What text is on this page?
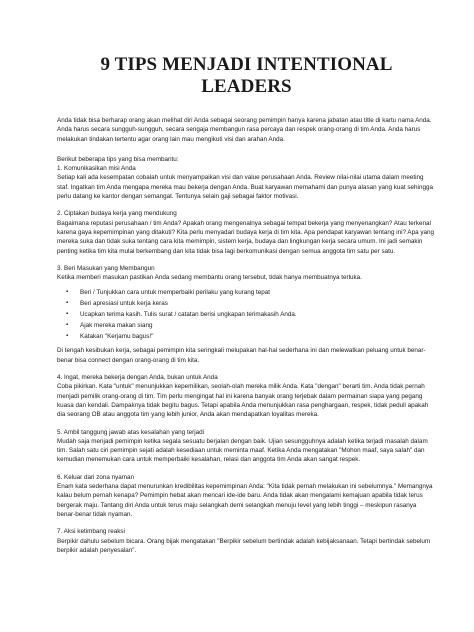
9 TIPS MENJADI INTENTIONAL LEADERS

Anda tidak bisa berharap orang akan melihat diri Anda sebagai seorang pemimpin hanya karena jabatan atau title di kartu nama Anda. Anda harus secara sungguh-sungguh, secara sengaja membangun rasa percaya dan respek orang-orang di tim Anda. Anda harus melakukan tindakan tertentu agar orang lain mau mengikuti visi dan arahan Anda.

Berikut beberapa tips yang bisa membantu:

1. Komunikasikan misi Anda

Setiap kali ada kesempatan cobalah untuk menyampaikan visi dan value perusahaan Anda. Review nilai-nilai utama dalam meeting staf. Ingatkan tim Anda mengapa mereka mau bekerja dengan Anda. Buat karyawan memahami dan punya alasan yang kuat sehingga perlu datang ke kantor dengan semangat. Tentunya selain gaji sebagai faktor motivasi.

2. Ciptakan budaya kerja yang mendukung

Bagaimana reputasi perusahaan / tim Anda? Apakah orang mengenalnya sebagai tempat bekerja yang menyenangkan? Atau terkenal karena gaya kepemimpinan yang ditakuti? Kita perlu menyadari budaya kerja di tim kita. Apa pendapat karyawan tentang ini? Apa yang mereka suka dan tidak suka tentang cara kita memimpin, sistem kerja, budaya dan lingkungan kerja secara umum. Ini jadi semakin penting ketika tim kita mulai berkembang dan kita tidak bisa lagi berkomunikasi dengan semua anggota tim satu per satu.

3. Beri Masukan yang Membangun

Ketika memberi masukan pastikan Anda sedang membantu orang tersebut, tidak hanya membuatnya terluka.

▪ Beri / Tunjukkan cara untuk memperbaiki perilaku yang kurang tepat
▪ Beri apresiasi untuk kerja keras
▪ Ucapkan terima kasih. Tulis surat / catatan berisi ungkapan terimakasih Anda.
▪ Ajak mereka makan siang
▪ Katakan "Kerjamu bagus!"

Di tengah kesibukan kerja, sebagai pemimpin kita seringkali melupakan hal-hal sederhana ini dan melewatkan peluang untuk benar-benar bisa connect dengan orang-orang di tim kita.

4. Ingat, mereka bekerja dengan Anda, bukan untuk Anda

Coba pikirkan. Kata "untuk" menunjukkan kepemilikan, seolah-olah mereka milik Anda. Kata "dengan" berarti tim. Anda tidak pernah menjadi pemilik orang-orang di tim. Tim perlu mengingat hal ini karena banyak orang terjebak dalam permainan siapa yang pegang kuasa dan kendali. Dampaknya tidak begitu bagus. Tetapi apabila Anda menunjukkan rasa penghargaan, respek, tidak peduli apakah dia seorang OB atau anggota tim yang lebih junior, Anda akan mendapatkan loyalitas mereka.

5. Ambil tanggung jawab atas kesalahan yang terjadi

Mudah saja menjadi pemimpin ketika segala sesuatu berjalan dengan baik. Ujian sesungguhnya adalah ketika terjadi masalah dalam tim. Salah satu ciri pemimpin sejati adalah kesediaan untuk meminta maaf. Ketika Anda mengatakan "Mohon maaf, saya salah" dan kemudian menemukan cara untuk memperbaiki kesalahan, relasi dan anggota tim Anda akan sangat respek.

6. Keluar dari zona nyaman

Enam kata sederhana dapat menurunkan kredibilitas kepemimpinan Anda: "Kita tidak pernah melakukan ini sebelumnya." Memangnya kalau belum pernah kenapa? Pemimpin hebat akan mencari ide-ide baru. Anda tidak akan mengalami kemajuan apabila tidak terus bergerak maju. Tantang diri Anda untuk terus maju selangkah demi selangkah menuju level yang lebih tinggi – meskipun rasanya benar-benar tidak nyaman.

7. Aksi ketimbang reaksi

Berpikir dahulu sebelum bicara. Orang bijak mengatakan "Berpikir sebelum bertindak adalah kebijaksanaan. Tetapi bertindak sebelum berpikir adalah penyesalan".
